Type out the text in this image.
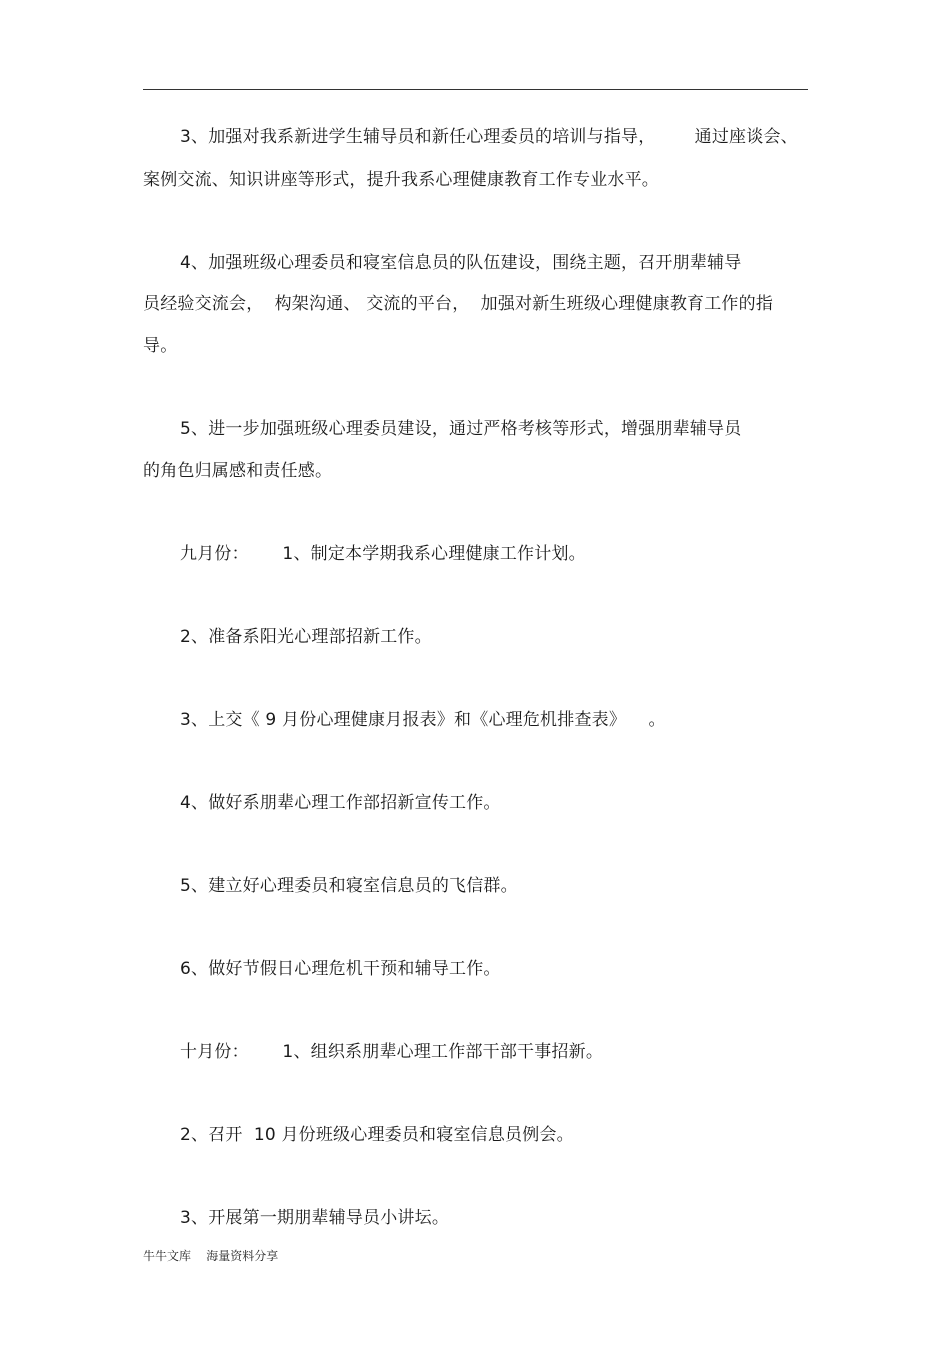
3、加强对我系新进学生辅导员和新任心理委员的培训与指导，       通过座谈会、
案例交流、知识讲座等形式，提升我系心理健康教育工作专业水平。
4、加强班级心理委员和寝室信息员的队伍建设，围绕主题，召开朋辈辅导
员经验交流会，  构架沟通、 交流的平台，  加强对新生班级心理健康教育工作的指
导。
5、进一步加强班级心理委员建设，通过严格考核等形式，增强朋辈辅导员
的角色归属感和责任感。
九月份：      1、制定本学期我系心理健康工作计划。
2、准备系阳光心理部招新工作。
3、上交《 9 月份心理健康月报表》和《心理危机排查表》    。
4、做好系朋辈心理工作部招新宣传工作。
5、建立好心理委员和寝室信息员的飞信群。
6、做好节假日心理危机干预和辅导工作。
十月份：      1、组织系朋辈心理工作部干部干事招新。
2、召开  10 月份班级心理委员和寝室信息员例会。
3、开展第一期朋辈辅导员小讲坛。
牛牛文库    海量资料分享
